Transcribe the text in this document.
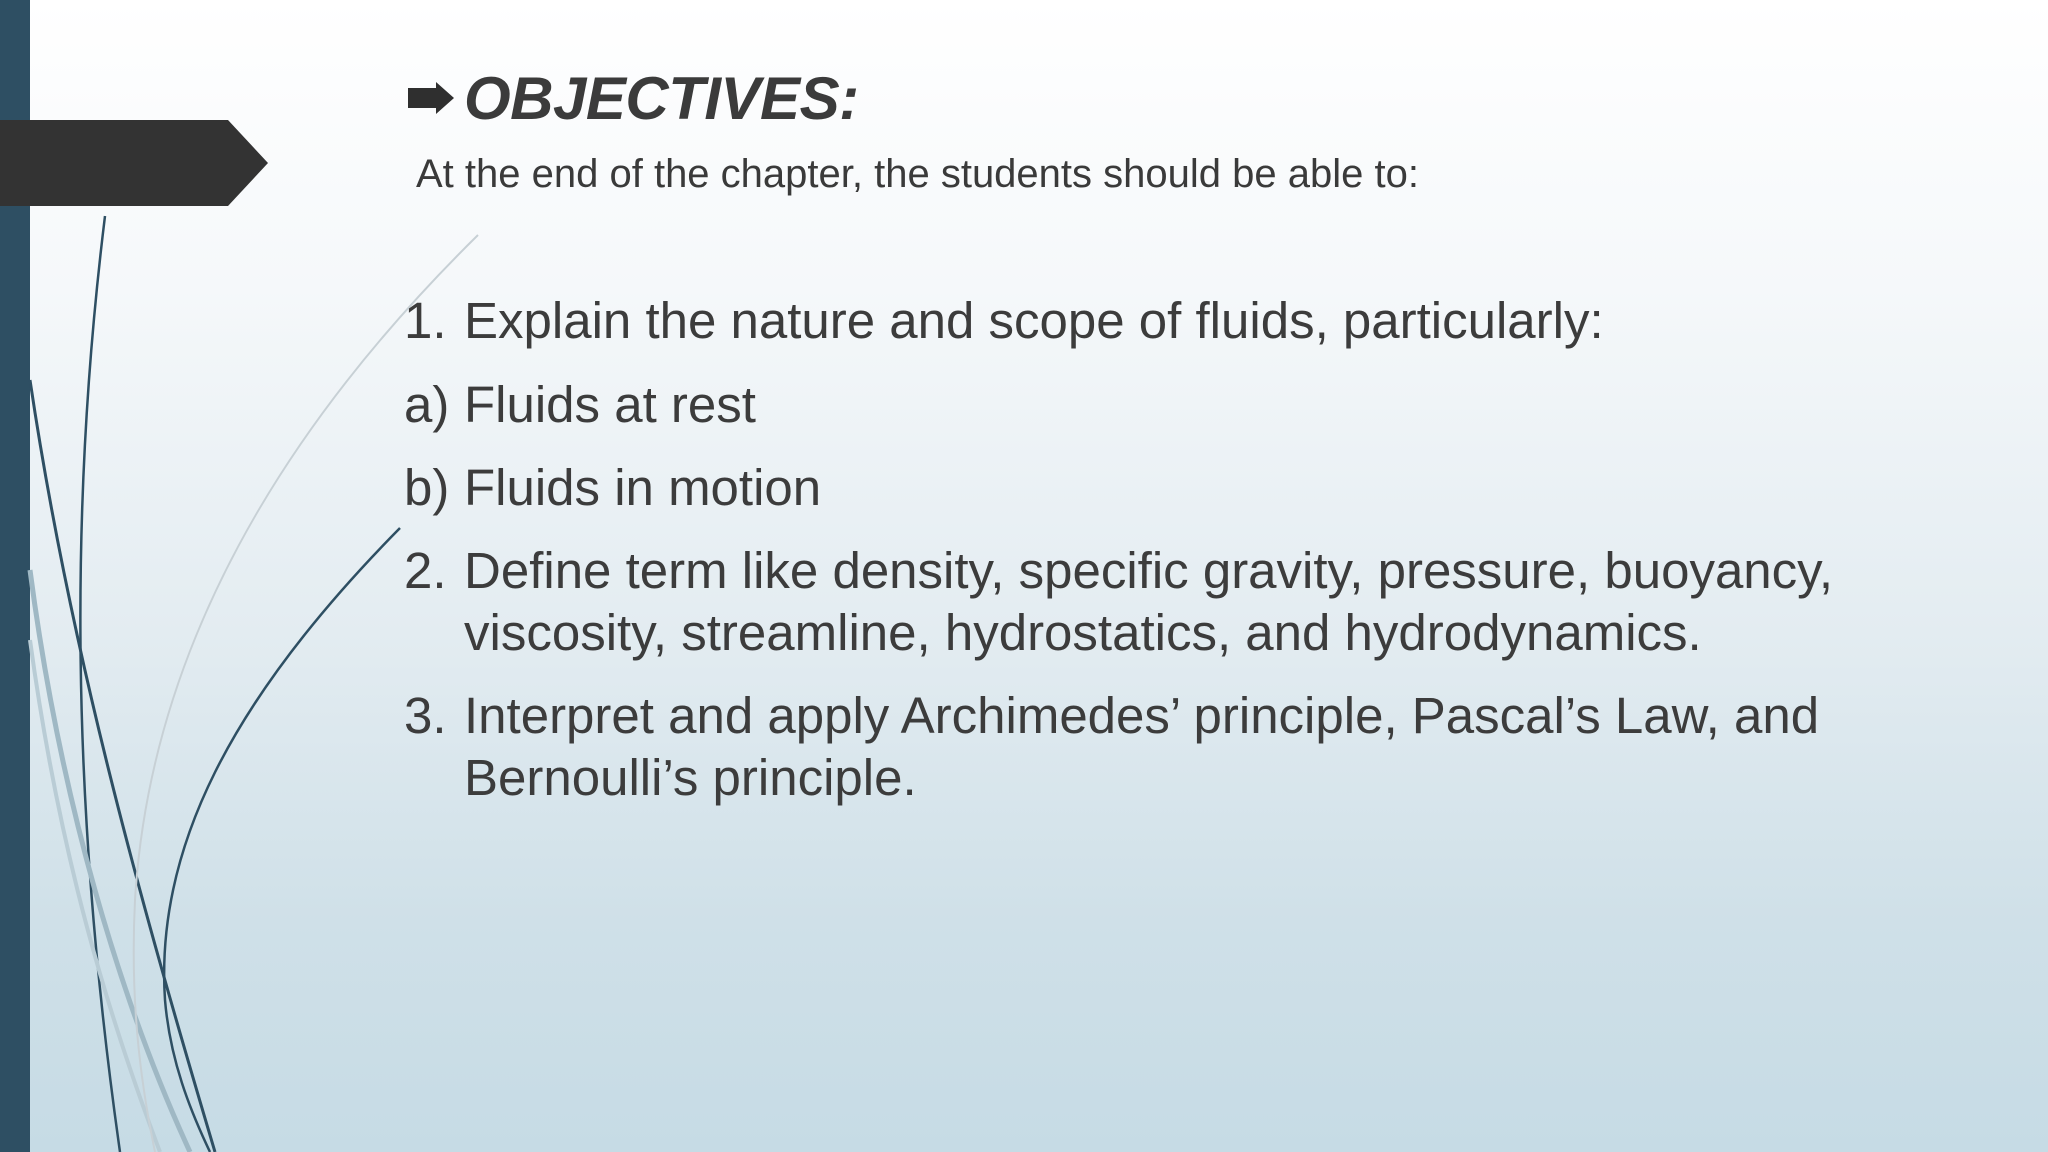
OBJECTIVES:
At the end of the chapter, the students should be able to:
1. Explain the nature and scope of fluids, particularly:
a) Fluids at rest
b) Fluids in motion
2. Define term like density, specific gravity, pressure, buoyancy, viscosity, streamline, hydrostatics, and hydrodynamics.
3. Interpret and apply Archimedes’ principle, Pascal’s Law, and Bernoulli’s principle.
